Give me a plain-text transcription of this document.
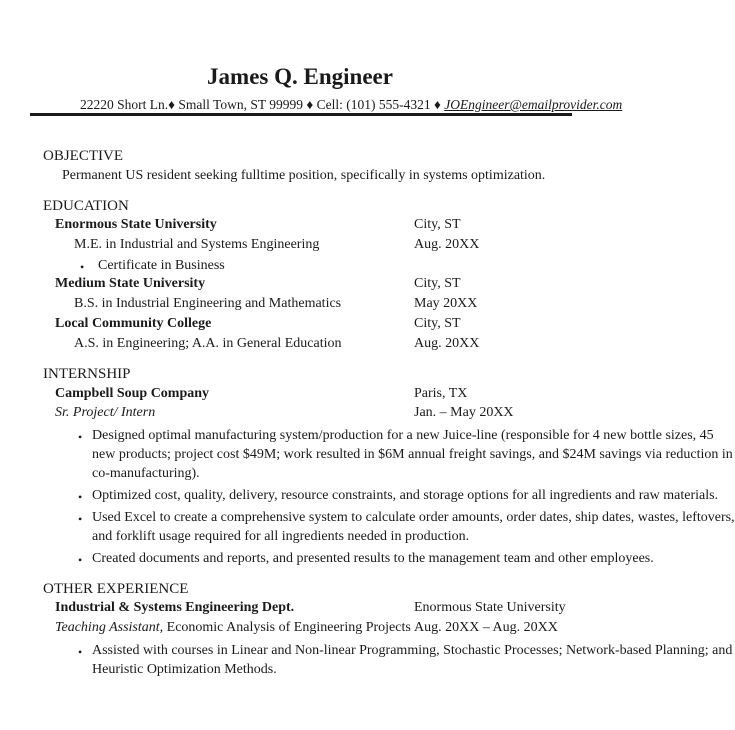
James Q. Engineer
22220 Short Ln.♦ Small Town, ST 99999 ♦ Cell: (101) 555-4321 ♦ JOEngineer@emailprovider.com
OBJECTIVE
Permanent US resident seeking fulltime position, specifically in systems optimization.
EDUCATION
Enormous State University	City, ST
M.E. in Industrial and Systems Engineering	Aug. 20XX
• Certificate in Business
Medium State University	City, ST
B.S. in Industrial Engineering and Mathematics	May 20XX
Local Community College	City, ST
A.S. in Engineering; A.A. in General Education	Aug. 20XX
INTERNSHIP
Campbell Soup Company	Paris, TX
Sr. Project/ Intern	Jan. – May 20XX
• Designed optimal manufacturing system/production for a new Juice-line (responsible for 4 new bottle sizes, 45
new products; project cost $49M; work resulted in $6M annual freight savings, and $24M savings via reduction in
co-manufacturing).
• Optimized cost, quality, delivery, resource constraints, and storage options for all ingredients and raw materials.
• Used Excel to create a comprehensive system to calculate order amounts, order dates, ship dates, wastes, leftovers,
and forklift usage required for all ingredients needed in production.
• Created documents and reports, and presented results to the management team and other employees.
OTHER EXPERIENCE
Industrial & Systems Engineering Dept.	Enormous State University
Teaching Assistant, Economic Analysis of Engineering Projects Aug. 20XX – Aug. 20XX
• Assisted with courses in Linear and Non-linear Programming, Stochastic Processes; Network-based Planning; and
Heuristic Optimization Methods.
